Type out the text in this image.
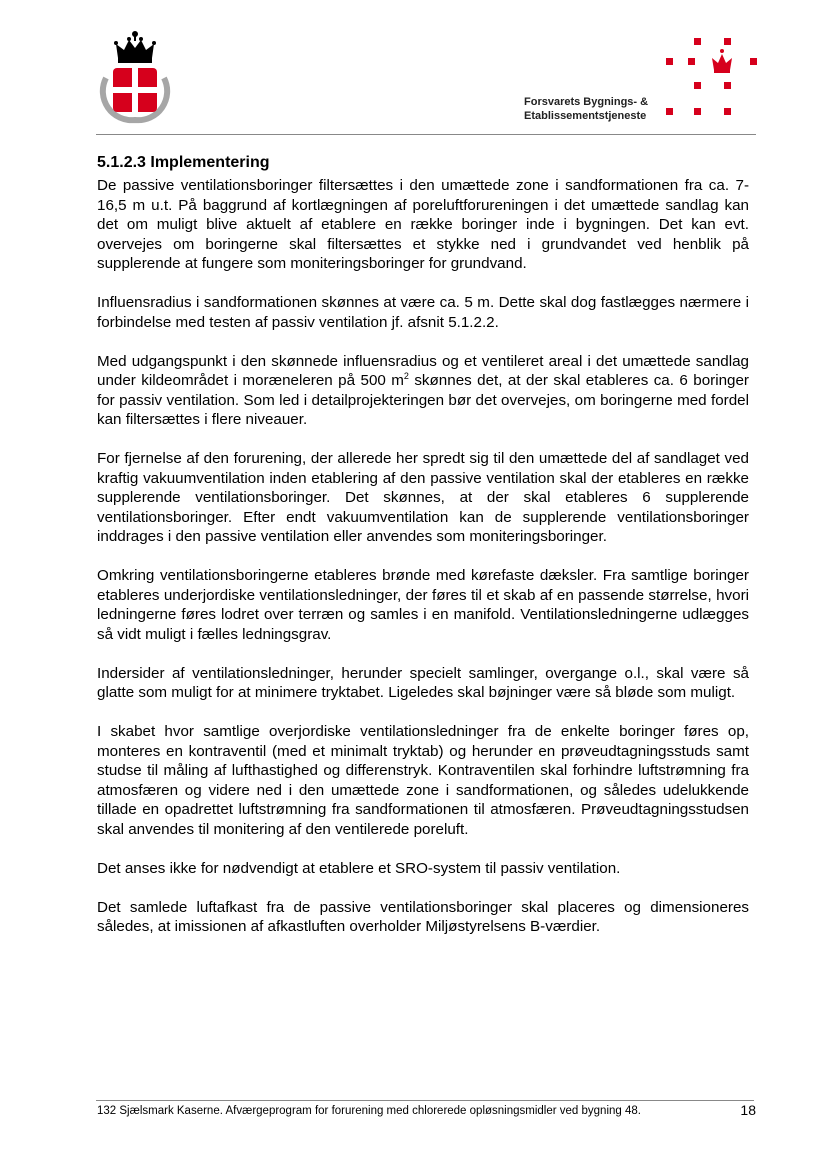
Forsvarets Bygnings- &
Etablissementstjeneste
5.1.2.3 Implementering

De passive ventilationsboringer filtersættes i den umættede zone i sandformationen fra ca. 7-16,5 m u.t. På baggrund af kortlægningen af poreluftforureningen i det umættede sandlag kan det om muligt blive aktuelt af etablere en række boringer inde i bygningen. Det kan evt. overvejes om boringerne skal filtersættes et stykke ned i grundvandet ved henblik på supplerende at fungere som moniteringsboringer for grundvand.

Influensradius i sandformationen skønnes at være ca. 5 m. Dette skal dog fastlægges nærmere i forbindelse med testen af passiv ventilation jf. afsnit 5.1.2.2.

Med udgangspunkt i den skønnede influensradius og et ventileret areal i det umættede sandlag under kildeområdet i moræneleren på 500 $m^2$ skønnes det, at der skal etableres ca. 6 boringer for passiv ventilation. Som led i detailprojekteringen bør det overvejes, om boringerne med fordel kan filtersættes i flere niveauer.

For fjernelse af den forurening, der allerede her spredt sig til den umættede del af sandlaget ved kraftig vakuumventilation inden etablering af den passive ventilation skal der etableres en række supplerende ventilationsboringer. Det skønnes, at der skal etableres 6 supplerende ventilationsboringer. Efter endt vakuumventilation kan de supplerende ventilationsboringer inddrages i den passive ventilation eller anvendes som moniteringsboringer.

Omkring ventilationsboringerne etableres brønde med kørefaste dæksler. Fra samtlige boringer etableres underjordiske ventilationsledninger, der føres til et skab af en passende størrelse, hvori ledningerne føres lodret over terræn og samles i en manifold. Ventilationsledningerne udlægges så vidt muligt i fælles ledningsgrav.

Indersider af ventilationsledninger, herunder specielt samlinger, overgange o.l., skal være så glatte som muligt for at minimere tryktabet. Ligeledes skal bøjninger være så bløde som muligt.

I skabet hvor samtlige overjordiske ventilationsledninger fra de enkelte boringer føres op, monteres en kontraventil (med et minimalt tryktab) og herunder en prøveudtagningsstuds samt studse til måling af lufthastighed og differenstryk. Kontraventilen skal forhindre luftstrømning fra atmosfæren og videre ned i den umættede zone i sandformationen, og således udelukkende tillade en opadrettet luftstrømning fra sandformationen til atmosfæren. Prøveudtagningsstudsen skal anvendes til monitering af den ventilerede poreluft.

Det anses ikke for nødvendigt at etablere et SRO-system til passiv ventilation.

Det samlede luftafkast fra de passive ventilationsboringer skal placeres og dimensioneres således, at imissionen af afkastluften overholder Miljøstyrelsens B-værdier.

132 Sjælsmark Kaserne. Afværgeprogram for forurening med chlorerede opløsningsmidler ved bygning 48.	18
